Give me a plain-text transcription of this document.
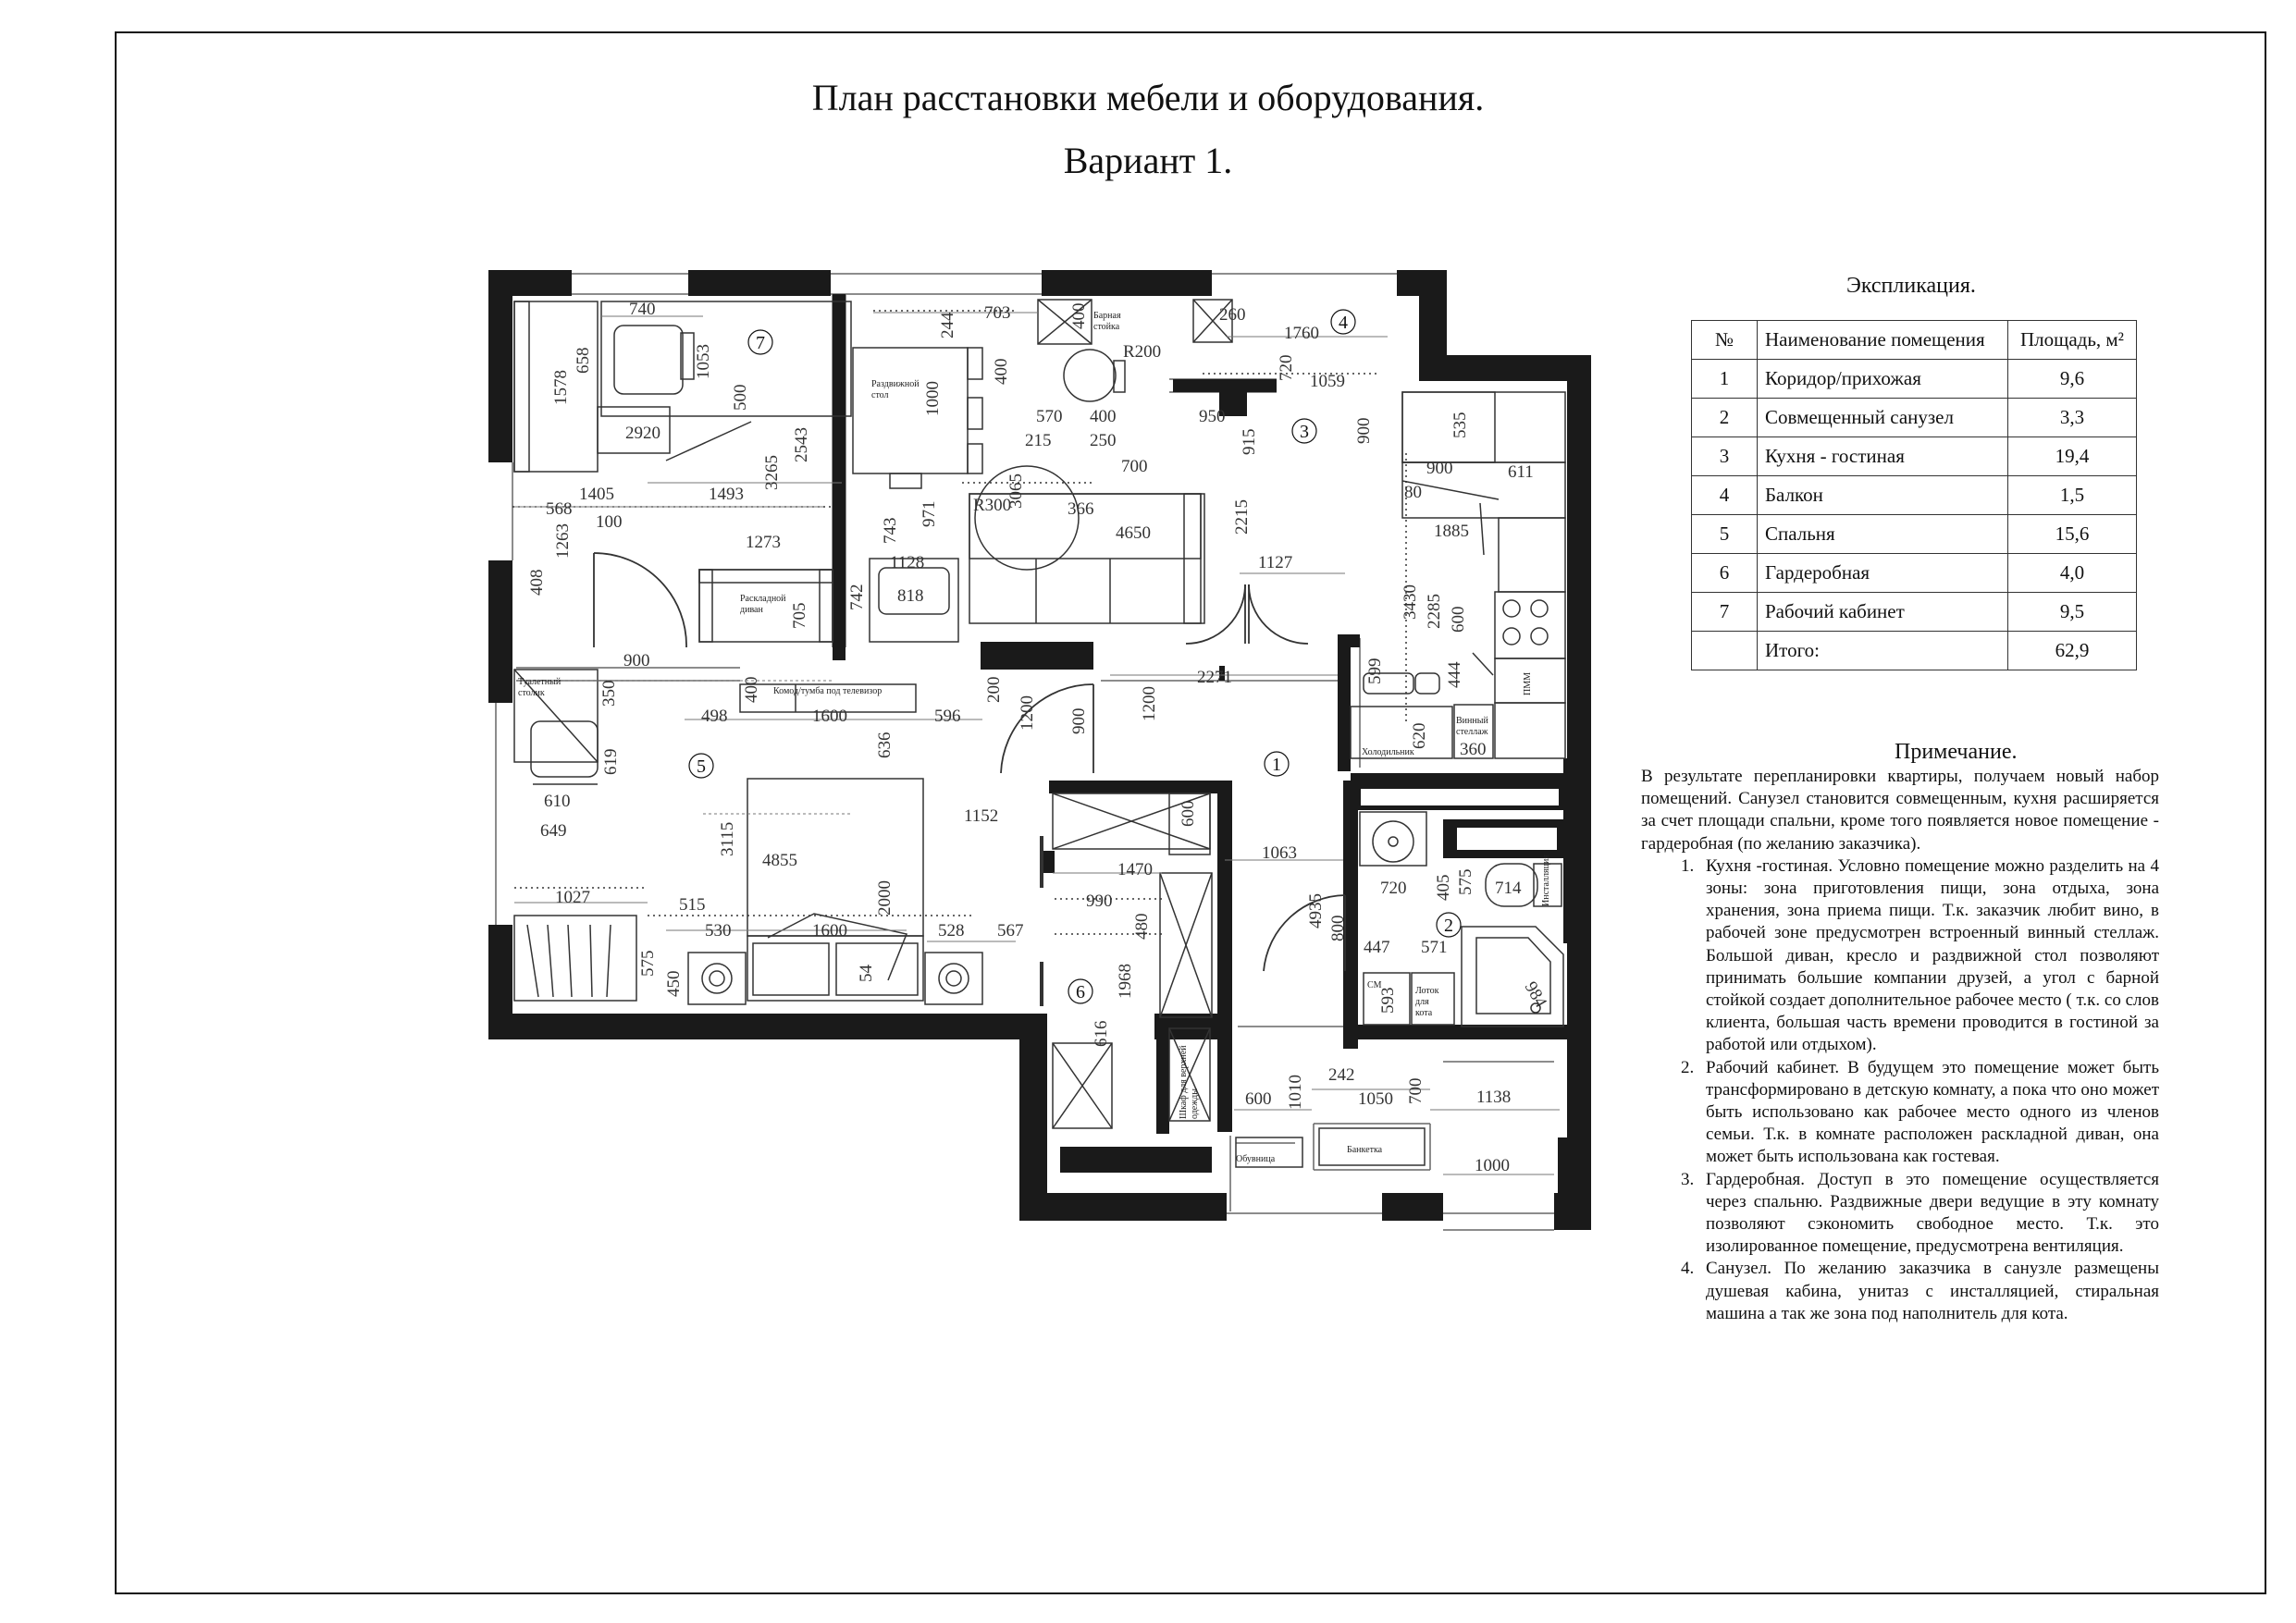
План расстановки мебели и оборудования.
Вариант 1.
1
2
3
4
5
6
7
Раздвижной
стол
Барная
стойка
Раскладной
диван
Комод/тумба под телевизор
Туалетный
столик
Холодильник
Винный
стеллаж
СМ
Лоток
для
кота
Обувница
Банкетка
Шкаф для верхней одежды
Инсталляция
ПММ
740
1053
658
1578
2920
500
3265
2543
1405	1493
568
100
1263	1273
408
705
703
244
1000
400
400
570 400
215 250
950
915
3065
700
R300
971
743
366
4650
1128
818
742
2215
1127
260
1760
720
R200
1059
900	535
80
900	611
1885
3430 2285 600
599	444
620
360
900
350
498	1600	596
400
636
200
1200 900	1200
2271
619
610
649	3115
4855
1152
2000
1027	515
530	1600	528 567
575
450	54
600
1470
990
480
1968
616
1063
4935 800
720 405 575 714
447 571
593	984
600 1010 242
1050 700	1138
1000
Экспликация.
№	Наименование помещения	Площадь, м²
1	Коридор/прихожая	9,6
2	Совмещенный санузел	3,3
3	Кухня - гостиная	19,4
4	Балкон	1,5
5	Спальня	15,6
6	Гардеробная	4,0
7	Рабочий кабинет	9,5
	Итого:	62,9
Примечание.

В результате перепланировки квартиры, получаем новый набор помещений. Санузел становится совмещенным, кухня расширяется за счет площади спальни, кроме того появляется новое помещение - гардеробная (по желанию заказчика).

1. Кухня -гостиная. Условно помещение можно разделить на 4 зоны: зона приготовления пищи, зона отдыха, зона хранения, зона приема пищи. Т.к. заказчик любит вино, в рабочей зоне предусмотрен встроенный винный стеллаж. Большой диван, кресло и раздвижной стол позволяют принимать большие компании друзей, а угол с барной стойкой создает дополнительное рабочее место ( т.к. со слов клиента, большая часть времени проводится в гостиной за работой или отдыхом).
2. Рабочий кабинет. В будущем это помещение может быть трансформировано в детскую комнату, а пока что оно может быть использовано как рабочее место одного из членов семьи. Т.к. в комнате расположен раскладной диван, она может быть использована как гостевая.
3. Гардеробная. Доступ в это помещение осуществляется через спальню. Раздвижные двери ведущие в эту комнату позволяют сэкономить свободное место. Т.к. это изолированное помещение, предусмотрена вентиляция.
4. Санузел. По желанию заказчика в санузле размещены душевая кабина, унитаз с инсталляцией, стиральная машина а так же зона под наполнитель для кота.
